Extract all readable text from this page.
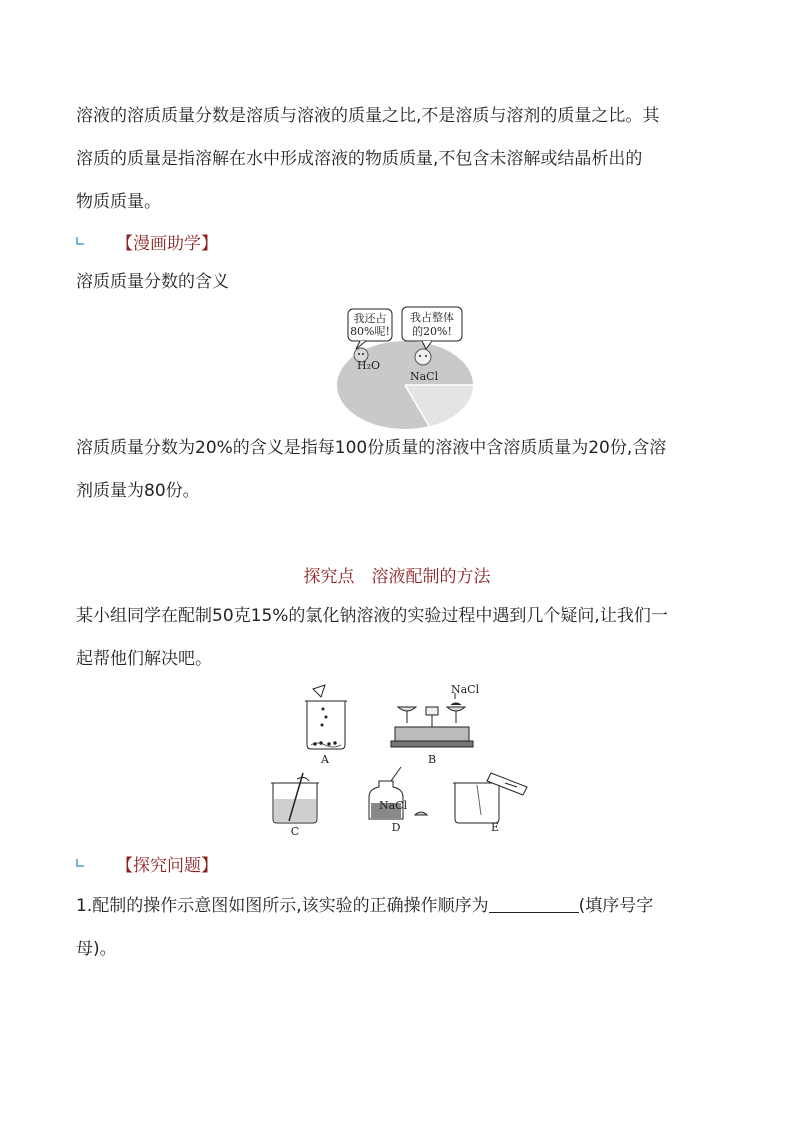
溶液的溶质质量分数是溶质与溶液的质量之比,不是溶质与溶剂的质量之比。其
溶质的质量是指溶解在水中形成溶液的物质质量,不包含未溶解或结晶析出的
物质质量。
【漫画助学】
溶质质量分数的含义
我还占
80%呢!
我占整体
的20%!
H₂O
NaCl
溶质质量分数为20%的含义是指每100份质量的溶液中含溶质质量为20份,含溶
剂质量为80份。
探究点　溶液配制的方法
某小组同学在配制50克15%的氯化钠溶液的实验过程中遇到几个疑问,让我们一
起帮他们解决吧。
A
NaCl
B
C
NaCl
D	E
【探究问题】
1.配制的操作示意图如图所示,该实验的正确操作顺序为	(填序号字
母)。
